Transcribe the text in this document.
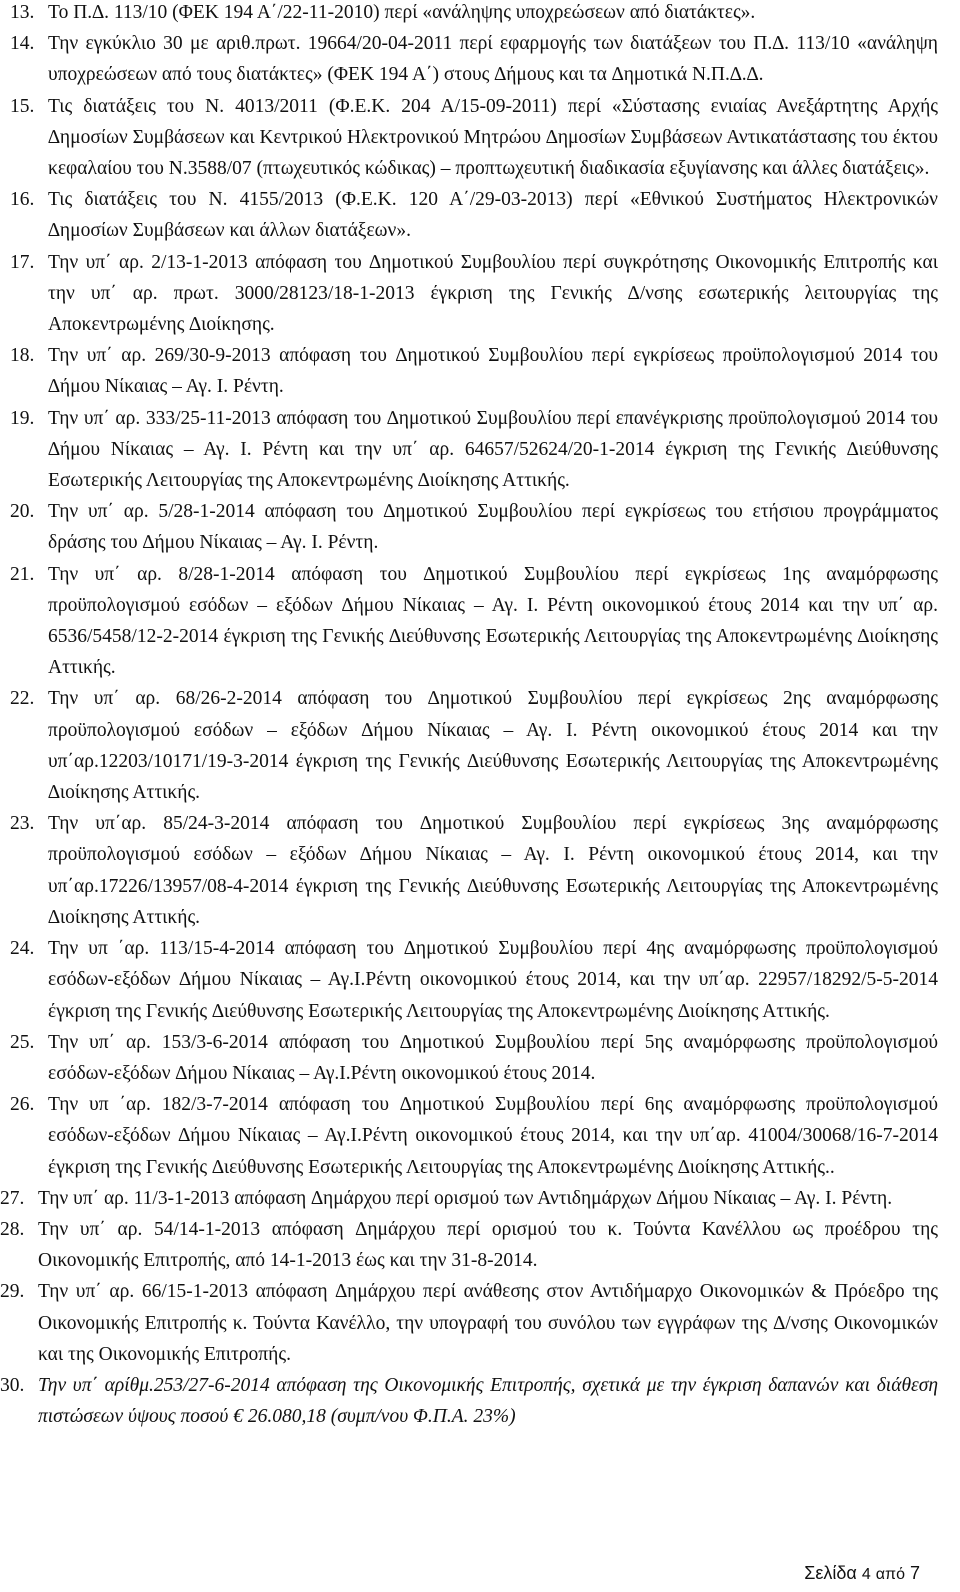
13. Το Π.∆. 113/10 (ΦΕΚ 194 Α΄/22-11-2010) περί «ανάληψης υποχρεώσεων από διατάκτες».
14. Την εγκύκλιο 30 με αριθ.πρωτ. 19664/20-04-2011 περί εφαρμογής των διατάξεων του Π.∆. 113/10 «ανάληψη υποχρεώσεων από τους διατάκτες» (ΦΕΚ 194 Α΄) στους ∆ήμους και τα ∆ημοτικά Ν.Π.∆.∆.
15. Τις διατάξεις του Ν. 4013/2011 (Φ.Ε.Κ. 204 Α/15-09-2011) περί «Σύστασης ενιαίας Ανεξάρτητης Αρχής ∆ημοσίων Συμβάσεων και Κεντρικού Ηλεκτρονικού Μητρώου ∆ημοσίων Συμβάσεων Αντικατάστασης του έκτου κεφαλαίου του Ν.3588/07 (πτωχευτικός κώδικας) – προπτωχευτική διαδικασία εξυγίανσης και άλλες διατάξεις».
16. Τις διατάξεις του Ν. 4155/2013 (Φ.Ε.Κ. 120 Α΄/29-03-2013) περί «Εθνικού Συστήματος Ηλεκτρονικών ∆ημοσίων Συμβάσεων και άλλων διατάξεων».
17. Την υπ΄ αρ. 2/13-1-2013 απόφαση του ∆ημοτικού Συμβουλίου περί συγκρότησης Οικονομικής Επιτροπής και την υπ΄ αρ. πρωτ. 3000/28123/18-1-2013 έγκριση της Γενικής ∆/νσης εσωτερικής λειτουργίας της Αποκεντρωμένης ∆ιοίκησης.
18. Την υπ΄ αρ. 269/30-9-2013 απόφαση του ∆ημοτικού Συμβουλίου περί εγκρίσεως προϋπολογισμού 2014 του ∆ήμου Νίκαιας – Αγ. Ι. Ρέντη.
19. Την υπ΄ αρ. 333/25-11-2013 απόφαση του ∆ημοτικού Συμβουλίου περί επανέγκρισης προϋπολογισμού 2014 του ∆ήμου Νίκαιας – Αγ. Ι. Ρέντη και την υπ΄ αρ. 64657/52624/20-1-2014 έγκριση της Γενικής ∆ιεύθυνσης Εσωτερικής Λειτουργίας της Αποκεντρωμένης ∆ιοίκησης Αττικής.
20. Την υπ΄ αρ. 5/28-1-2014 απόφαση του ∆ημοτικού Συμβουλίου περί εγκρίσεως του ετήσιου προγράμματος δράσης του ∆ήμου Νίκαιας – Αγ. Ι. Ρέντη.
21. Την υπ΄ αρ. 8/28-1-2014 απόφαση του ∆ημοτικού Συμβουλίου περί εγκρίσεως 1ης αναμόρφωσης προϋπολογισμού εσόδων – εξόδων ∆ήμου Νίκαιας – Αγ. Ι. Ρέντη οικονομικού έτους 2014 και την υπ΄ αρ. 6536/5458/12-2-2014 έγκριση της Γενικής ∆ιεύθυνσης Εσωτερικής Λειτουργίας της Αποκεντρωμένης ∆ιοίκησης Αττικής.
22. Την υπ΄ αρ. 68/26-2-2014 απόφαση του ∆ημοτικού Συμβουλίου περί εγκρίσεως 2ης αναμόρφωσης προϋπολογισμού εσόδων – εξόδων ∆ήμου Νίκαιας – Αγ. Ι. Ρέντη οικονομικού έτους 2014 και την υπ΄αρ.12203/10171/19-3-2014 έγκριση της Γενικής ∆ιεύθυνσης Εσωτερικής Λειτουργίας της Αποκεντρωμένης ∆ιοίκησης Αττικής.
23. Την υπ΄αρ. 85/24-3-2014 απόφαση του ∆ημοτικού Συμβουλίου περί εγκρίσεως 3ης αναμόρφωσης προϋπολογισμού εσόδων – εξόδων ∆ήμου Νίκαιας – Αγ. Ι. Ρέντη οικονομικού έτους 2014, και την υπ΄αρ.17226/13957/08-4-2014 έγκριση της Γενικής ∆ιεύθυνσης Εσωτερικής Λειτουργίας της Αποκεντρωμένης ∆ιοίκησης Αττικής.
24. Την υπ ΄αρ. 113/15-4-2014 απόφαση του ∆ημοτικού Συμβουλίου περί 4ης αναμόρφωσης προϋπολογισμού εσόδων-εξόδων ∆ήμου Νίκαιας – Αγ.Ι.Ρέντη οικονομικού έτους 2014, και την υπ΄αρ. 22957/18292/5-5-2014 έγκριση της Γενικής ∆ιεύθυνσης Εσωτερικής Λειτουργίας της Αποκεντρωμένης ∆ιοίκησης Αττικής.
25. Την υπ΄ αρ. 153/3-6-2014 απόφαση του ∆ημοτικού Συμβουλίου περί 5ης αναμόρφωσης προϋπολογισμού εσόδων-εξόδων ∆ήμου Νίκαιας – Αγ.Ι.Ρέντη οικονομικού έτους 2014.
26. Την υπ ΄αρ. 182/3-7-2014 απόφαση του ∆ημοτικού Συμβουλίου περί 6ης αναμόρφωσης προϋπολογισμού εσόδων-εξόδων ∆ήμου Νίκαιας – Αγ.Ι.Ρέντη οικονομικού έτους 2014, και την υπ΄αρ. 41004/30068/16-7-2014 έγκριση της Γενικής ∆ιεύθυνσης Εσωτερικής Λειτουργίας της Αποκεντρωμένης ∆ιοίκησης Αττικής..
27. Την υπ΄ αρ. 11/3-1-2013 απόφαση ∆ημάρχου περί ορισμού των Αντιδημάρχων ∆ήμου Νίκαιας – Αγ. Ι. Ρέντη.
28. Την υπ΄ αρ. 54/14-1-2013 απόφαση ∆ημάρχου περί ορισμού του κ. Τούντα Κανέλλου ως προέδρου της Οικονομικής Επιτροπής, από 14-1-2013 έως και την 31-8-2014.
29. Την υπ΄ αρ. 66/15-1-2013 απόφαση ∆ημάρχου περί ανάθεσης στον Αντιδήμαρχο Οικονομικών & Πρόεδρο της Οικονομικής Επιτροπής κ. Τούντα Κανέλλο, την υπογραφή του συνόλου των εγγράφων της ∆/νσης Οικονομικών και της Οικονομικής Επιτροπής.
30. Την υπ΄ αρίθμ.253/27-6-2014 απόφαση της Οικονομικής Επιτροπής, σχετικά με την έγκριση δαπανών και διάθεση πιστώσεων ύψους ποσού € 26.080,18 (συμπ/νου Φ.Π.Α. 23%)
Σελίδα 4 από 7
